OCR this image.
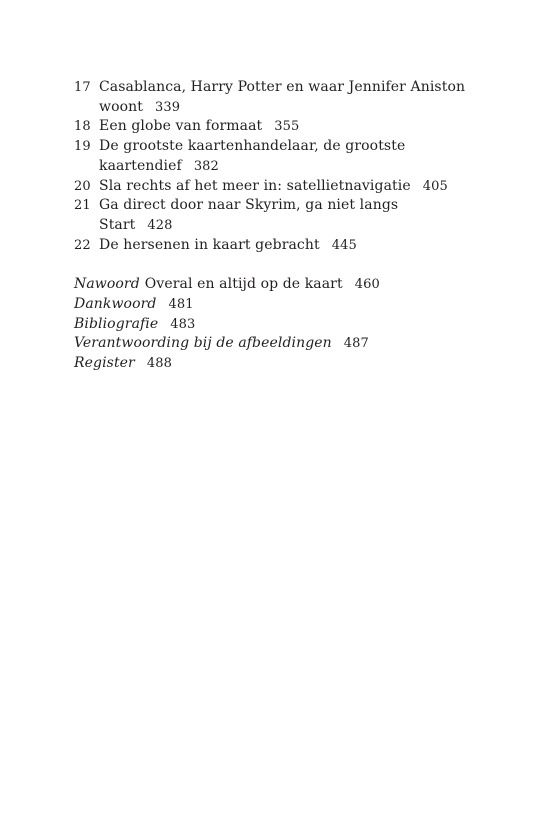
17 Casablanca, Harry Potter en waar Jennifer Aniston woont 339
18 Een globe van formaat 355
19 De grootste kaartenhandelaar, de grootste kaartendief 382
20 Sla rechts af het meer in: satellietnavigatie 405
21 Ga direct door naar Skyrim, ga niet langs Start 428
22 De hersenen in kaart gebracht 445
Nawoord Overal en altijd op de kaart 460
Dankwoord 481
Bibliografie 483
Verantwoording bij de afbeeldingen 487
Register 488
